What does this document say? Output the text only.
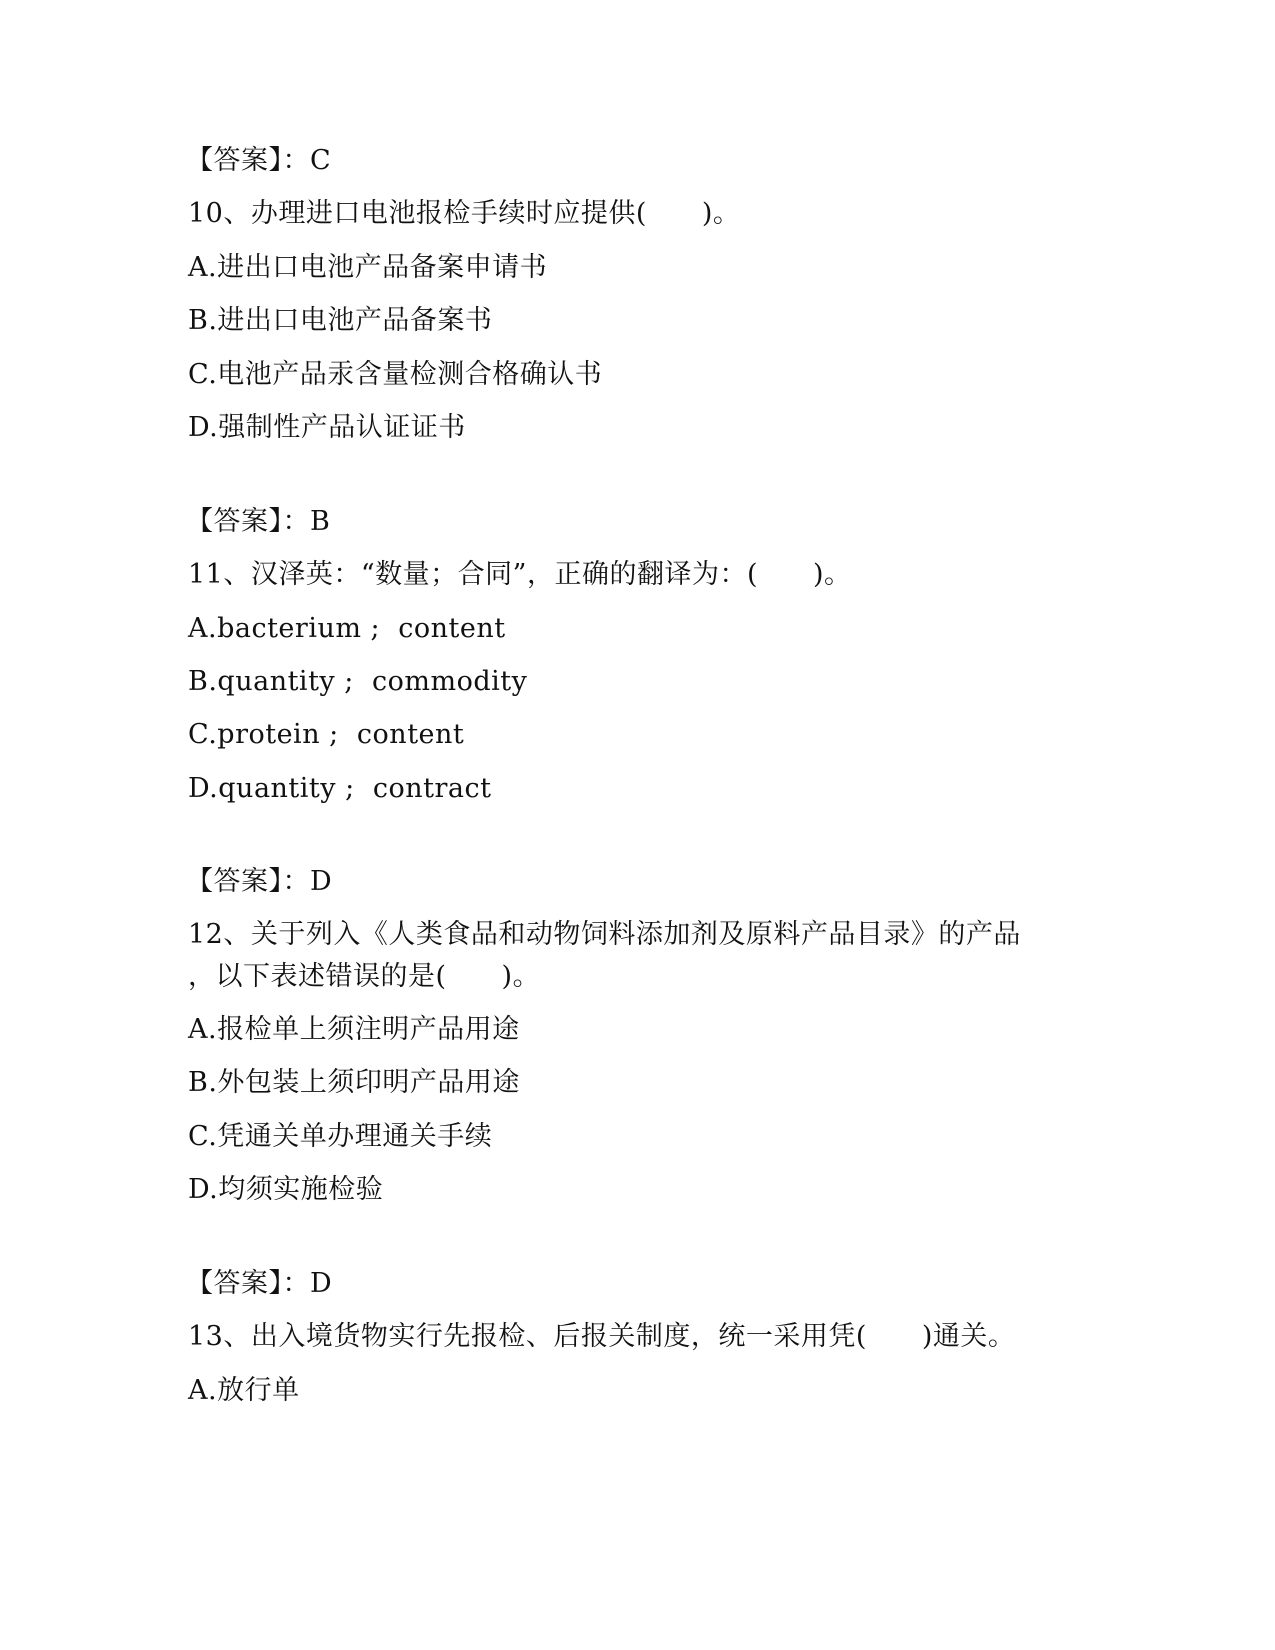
【答案】：C
10、办理进口电池报检手续时应提供(　　)。
A.进出口电池产品备案申请书
B.进出口电池产品备案书
C.电池产品汞含量检测合格确认书
D.强制性产品认证证书
【答案】：B
11、汉泽英：“数量；合同”，正确的翻译为：(　　)。
A.bacterium ;  content
B.quantity ;  commodity
C.protein ;  content
D.quantity ;  contract
【答案】：D
12、关于列入《人类食品和动物饲料添加剂及原料产品目录》的产品
，以下表述错误的是(　　)。
A.报检单上须注明产品用途
B.外包装上须印明产品用途
C.凭通关单办理通关手续
D.均须实施检验
【答案】：D
13、出入境货物实行先报检、后报关制度，统一采用凭(　　)通关。
A.放行单
